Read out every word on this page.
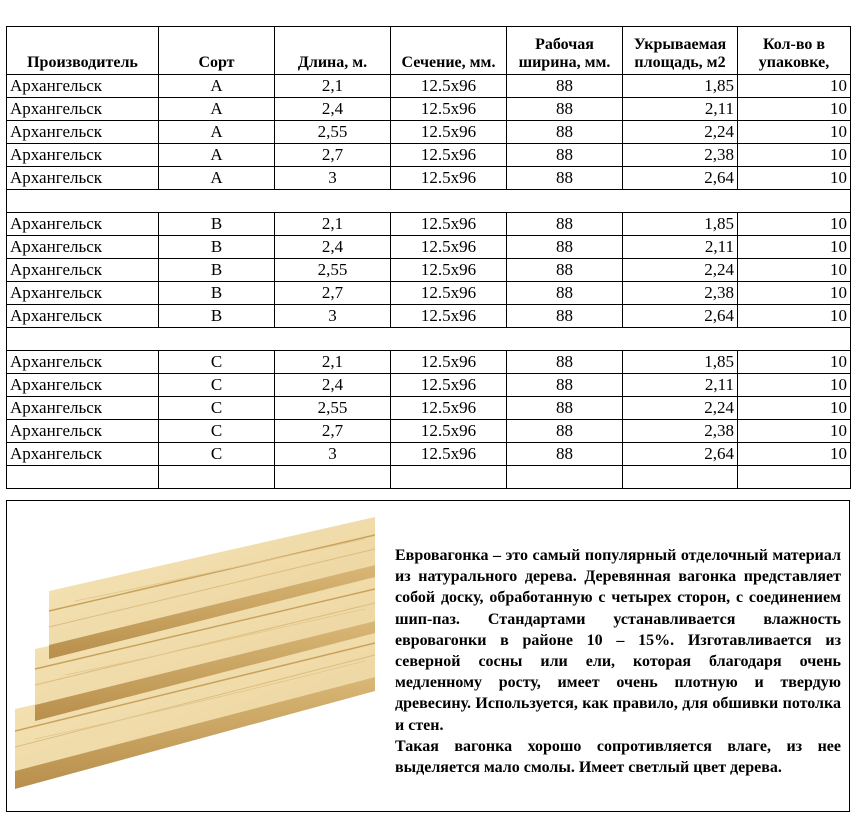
Производитель	Сорт	Длина, м.	Сечение, мм.	Рабочая ширина, мм.	Укрываемая площадь, м2	Кол-во в упаковке,
Архангельск	A	2,1	12.5x96	88	1,85	10
Архангельск	A	2,4	12.5x96	88	2,11	10
Архангельск	A	2,55	12.5x96	88	2,24	10
Архангельск	A	2,7	12.5x96	88	2,38	10
Архангельск	A	3	12.5x96	88	2,64	10

Архангельск	B	2,1	12.5x96	88	1,85	10
Архангельск	B	2,4	12.5x96	88	2,11	10
Архангельск	B	2,55	12.5x96	88	2,24	10
Архангельск	B	2,7	12.5x96	88	2,38	10
Архангельск	B	3	12.5x96	88	2,64	10

Архангельск	C	2,1	12.5x96	88	1,85	10
Архангельск	C	2,4	12.5x96	88	2,11	10
Архангельск	C	2,55	12.5x96	88	2,24	10
Архангельск	C	2,7	12.5x96	88	2,38	10
Архангельск	C	3	12.5x96	88	2,64	10

Евровагонка – это самый популярный отделочный материал из натурального дерева. Деревянная вагонка представляет собой доску, обработанную с четырех сторон, с соединением шип-паз. Стандартами устанавливается влажность евровагонки в районе 10 – 15%. Изготавливается из северной сосны или ели, которая благодаря очень медленному росту, имеет очень плотную и твердую древесину. Используется, как правило, для обшивки потолка и стен.

Такая вагонка хорошо сопротивляется влаге, из нее выделяется мало смолы. Имеет светлый цвет дерева.
